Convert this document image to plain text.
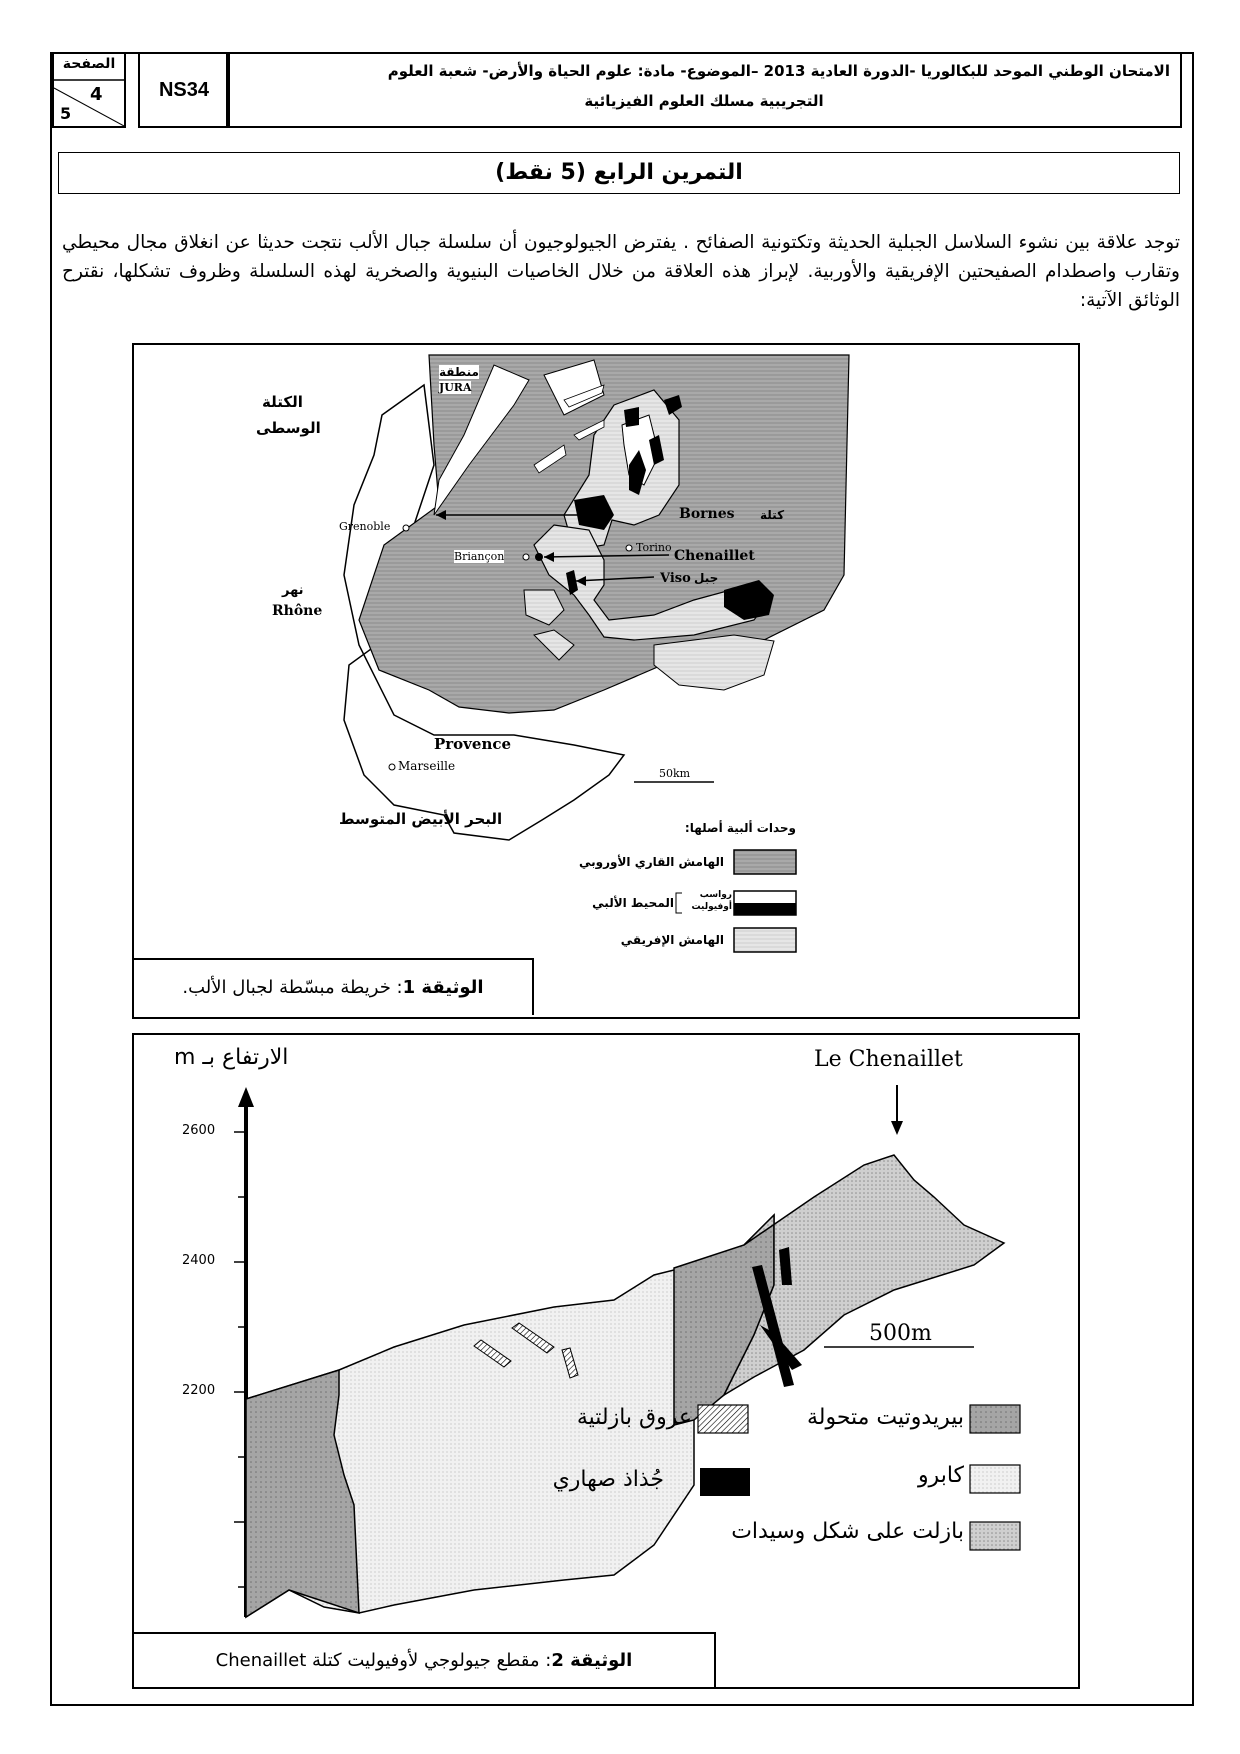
الصفحة
4
5
NS34
الامتحان الوطني الموحد للبكالوريا -الدورة العادية 2013 –الموضوع- مادة: علوم الحياة والأرض- شعبة العلوم
التجريبية مسلك العلوم الفيزيائية
التمرين الرابع (5 نقط)
توجد علاقة بين نشوء السلاسل الجبلية الحديثة وتكتونية الصفائح . يفترض الجيولوجيون أن سلسلة جبال الألب نتجت حديثا عن انغلاق مجال محيطي وتقارب واصطدام الصفيحتين الإفريقية والأوربية. لإبراز هذه العلاقة من خلال الخاصيات البنيوية والصخرية لهذه السلسلة وظروف تشكلها، نقترح الوثائق الآتية:
منطقة
JURA
الكتلة
الوسطى
Grenoble
نهر
Rhône
Briançon
Torino
Bornes كتلة
Chenaillet
Viso جبل
Provence
Marseille
50km
البحر الأبيض المتوسط	وحدات ألبية أصلها:
الهامش القاري الأوروبي
رواسب
أوفيوليت
المحيط الألبي
الهامش الإفريقي
الوثيقة 1: خريطة مبسّطة لجبال الألب.
الارتفاع بـ m
2600
2400
2200
Le Chenaillet
500m
بيريدوتيت متحولة
عروق بازلتية
كابرو
جُذاذ صهاري
بازلت على شكل وسيدات
الوثيقة 2: مقطع جيولوجي لأوفيوليت كتلة Chenaillet
